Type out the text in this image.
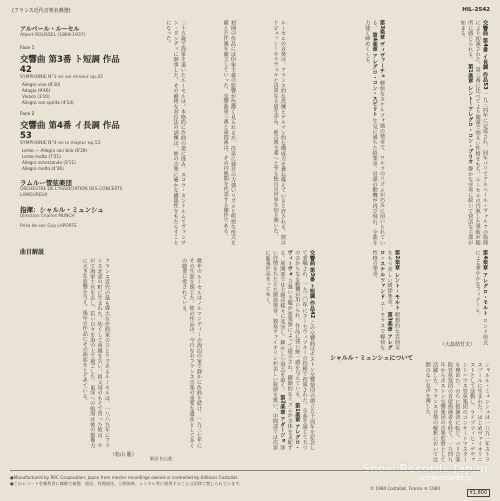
(フランス近代音楽名盤選)	HIL-2542
アルベール・ルーセル
Albert ROUSSEL (1869-1937)
Face 1
交響曲 第3番 ト短調 作品42
SYMPHONIE N°3 en sol mineur op.42
Allegro vivo (6'30)
Adagio (9'46)
Vivace (3'10)
Allegro con spirito (4'14)
Face 2
交響曲 第4番 イ長調 作品53
SYMPHONIE N°4 en la majeur op.53
Lento — Allegro con brio (6'29)
Lento molto (7'21)
Allegro scherzando (3'11)
Allegro molto (4'26)
ラムルー管弦楽団
ORCHESTRE DE L'ASSOCIATION DES CONCERTS LAMOUREUX
指揮：シャルル・ミュンシュ
Direction Charles MUNCH
Prise de son Guy LAPORTE	二十五歳で海軍を退いたルーセルは、本格的に作曲の道に進み、スコラ・カントルムでヴァンサン・ダンディに師事した。その厳格な対位法の訓練は、彼の音楽に確かな構築性をもたらすことになった。	初期の作品には印象主義の影響が色濃く見られるが、次第に独自の力強いリズムと明快な形式を備えた作風を確立していった。交響曲第三番と第四番は、その円熟期を代表する傑作である。	ルーセルの音楽は、フランス的な洗練とゲルマン的な構成力を兼ね備えていると評される。彼はドビュッシーやラヴェルとは異なる道を歩み、新古典主義へと至る独自の世界を切り開いた。
曲目解説
フランス近代の最も偉大な作曲家のひとりであるルーセルは、一八六九年にフランス北部の町に生まれた。幼くして両親を失い、祖父母のもとで育った彼は、やがて海軍士官を志し、若い日々を海の上で過ごした。東洋への航海は彼の想像力に大きな影響を与え、後年の作品にその面影をとどめている。	晩年のルーセルはノルマンディーの海辺の家で静かに作曲を続け、一九三七年にその生涯を閉じた。彼の作品は、今日なおフランス音楽の重要な遺産として多くの聴衆に愛されている。
（松山 龍）
交響曲 第3番 ト短調 作品42 この交響曲はボストン交響楽団の創立五十周年を記念して委嘱され、一九三〇年にクーセヴィツキーの指揮で初演された。全曲を通じて五つの音からなる動機が用いられ、作品に強い統一感を与えている。 第1楽章 アレグロ・ヴィーヴォ 力強い主題が弦楽器によって提示され、躍動的なリズムが全体を支配する。展開部では主題が様々に変容し、輝かしい頂点を築く。 第2楽章 アダージョ 深い抒情をたたえた緩徐楽章。独奏ヴァイオリンが美しい旋律を歌い、中間部では次第に緊張が高まってゆく。
第3楽章 ヴィヴァーチェ 軽快なスケルツォ風の楽章で、ワルツのリズムが巧みに用いられている。 第4楽章 アレグロ・コン・スピリト 生気に満ちた終楽章。冒頭の動機が再び現れ、全曲を力強く締めくくる。	交響曲 第4番 イ長調 作品53 一九三四年に完成され、同年パリでアルベール・ヴォルフの指揮により初演された。第三番に比べてより簡潔で明るい性格をもち、ルーセルの円熟した筆致が随所に感じられる。 第1楽章 レント～アレグロ・コン・ブリオ 静かな序奏に続いて快活な主部が始まる。
第2楽章 レント・モルト 瞑想的な雰囲気をもつ美しい緩徐楽章。 第3楽章 アレグロ・スケルツァンド ユーモラスで軽快な性格の楽章。	第4楽章 アレグロ・モルト ロンド形式による華やかなフィナーレ。
（大島幼竹夫）
シャルル・ミュンシュについて
シャルル・ミュンシュは一八九一年ストラスブールに生まれた。はじめヴァイオリニストとして活動し、ライプツィヒ・ゲヴァントハウス管弦楽団のコンサートマスターを務めた。のちに指揮者に転じ、パリ音楽院管弦楽団の首席指揮者を経て、一九四九年からボストン交響楽団の音楽監督として活躍した。フランス音楽の解釈において比類のない名声を博した。
解説 松山龍
Snow Records.Japan
snowrecords.jp
●Manufactured by RVC Corporation, Japan from master recordings owned or controlled by Editions Costallat.
●このレコードを権利者に無断で複製、放送、有線放送、公開演奏、レンタル等に使用することは法律で禁じられています。
© 1984 Costallat, France ℗ 1984
¥1,800
